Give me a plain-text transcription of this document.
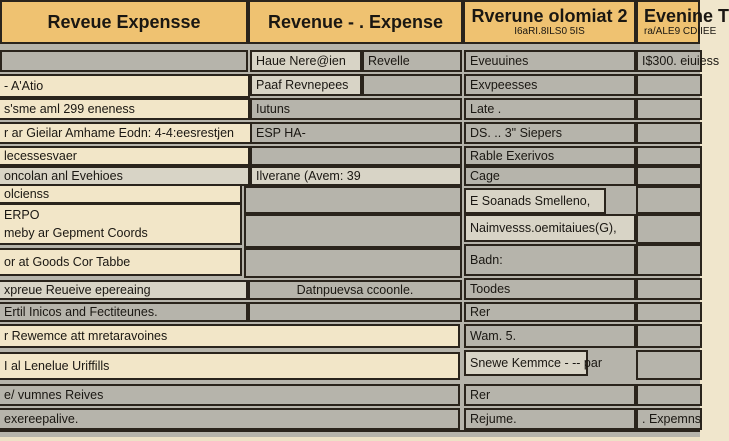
Reveue Expensse	Revenue - . Expense Rverune olomiat 2
I6aRI.8ILS0 5IS
Evenine T
ra/ALE9 CDIIEE
- A'Atio
s'sme aml 299 eneness
r ar Gieilar Amhame Eodn: 4-4:eesrestjen
lecessesvaer
oncolan anl Evehioes
olcienss
ERPO
meby ar Gepment Coords
or at Goods Cor Tabbe
xpreue Reueive epereaing
Ertil Inicos and Fectiteunes.
r Rewemce att mretaravoines
I al Lenelue Uriffills
e/ vumnes Reives
exereepalive.
Haue Nere@ien Revelle
Paaf Revnepees
Iutuns
ESP HA-
Ilverane (Avem: 39
Datnpuevsa ccoonle.
Eveuuines
Exvpeesses
Late .
DS. .. 3" Siepers
Rable Exerivos
Cage
E Soanads Smelleno,
Naimvesss.oemitaiues(G),
Badn:
Toodes
Rer
Wam. 5.
Snewe Kemmce - -- par
Rer
Rejume.
I$300. eiuiess
. Expemns
